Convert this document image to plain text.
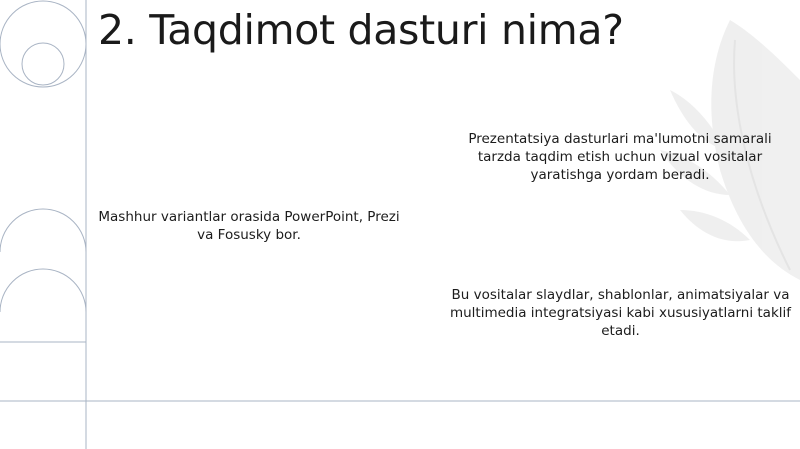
2. Taqdimot dasturi nima?
Prezentatsiya dasturlari ma'lumotni samarali tarzda taqdim etish uchun vizual vositalar yaratishga yordam beradi.
Mashhur variantlar orasida PowerPoint, Prezi va Fosusky bor.
Bu vositalar slaydlar, shablonlar, animatsiyalar va multimedia integratsiyasi kabi xususiyatlarni taklif etadi.
